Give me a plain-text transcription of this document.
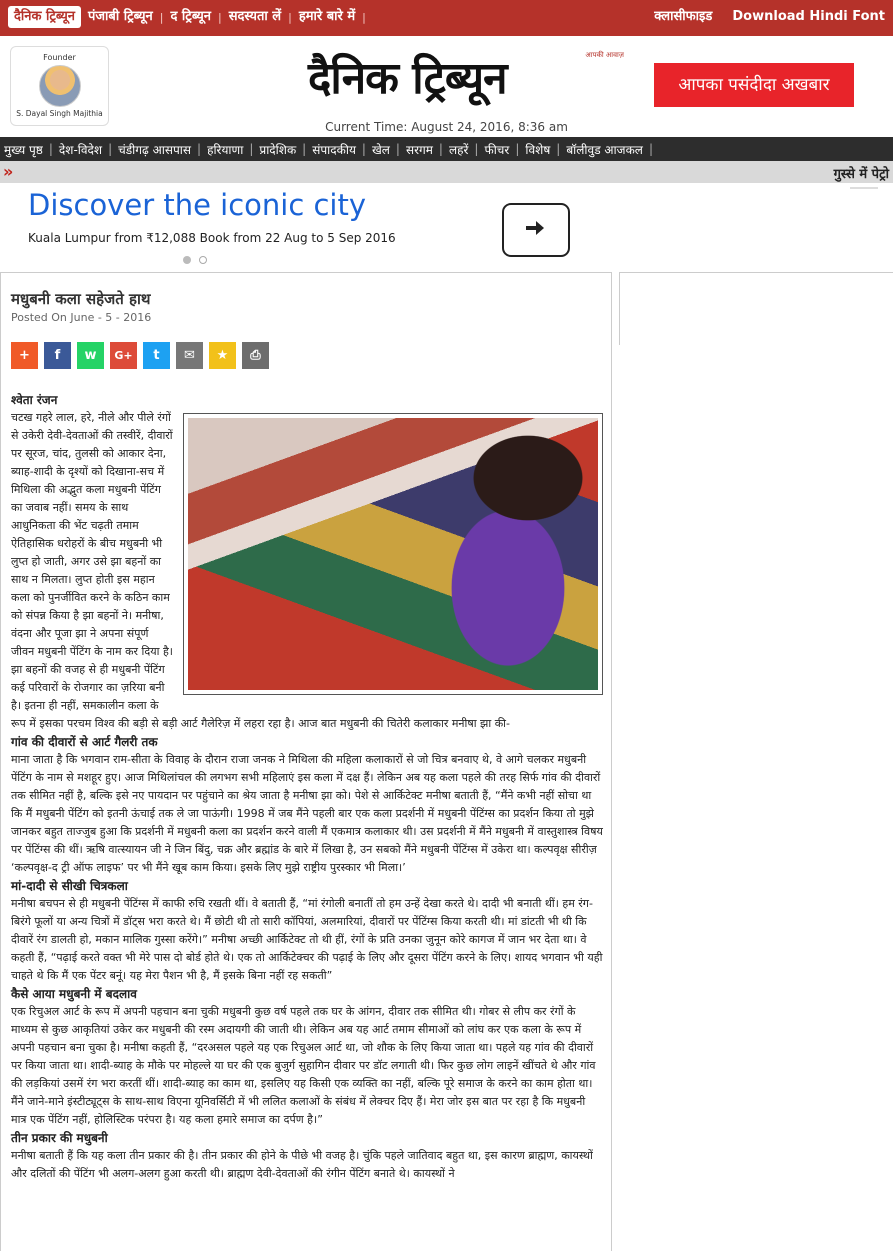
दैनिक ट्रिब्यून	पंजाबी ट्रिब्यून | द ट्रिब्यून | सदस्यता लें | हमारे बारे में |	क्लासीफाइड Download Hindi Font
Founder
S. Dayal Singh Majithia
दैनिक ट्रिब्यून	आपकी आवाज़
आपका पसंदीदा अखबार
Current Time: August 24, 2016, 8:36 am
मुख्य पृष्ठ | देश-विदेश | चंडीगढ़ आसपास | हरियाणा | प्रादेशिक | संपादकीय | खेल | सरगम | लहरें | फीचर | विशेष | बॉलीवुड आजकल |
»	गुस्से में पेट्रो
Discover the iconic city
Kuala Lumpur from ₹12,088 Book from 22 Aug to 5 Sep 2016
मधुबनी कला सहेजते हाथ
Posted On June - 5 - 2016
+	f	w	G+	t	✉	★	⎙
श्वेता रंजन

चटख गहरे लाल, हरे, नीले और पीले रंगों से उकेरी देवी-देवताओं की तस्वीरें, दीवारों पर सूरज, चांद, तुलसी को आकार देना, ब्याह-शादी के दृश्यों को दिखाना-सच में मिथिला की अद्भुत कला मधुबनी पेंटिंग का जवाब नहीं। समय के साथ आधुनिकता की भेंट चढ़ती तमाम ऐतिहासिक धरोहरों के बीच मधुबनी भी लुप्त हो जाती, अगर उसे झा बहनों का साथ न मिलता। लुप्त होती इस महान कला को पुनर्जीवित करने के कठिन काम को संपन्न किया है झा बहनों ने। मनीषा, वंदना और पूजा झा ने अपना संपूर्ण जीवन मधुबनी पेंटिंग के नाम कर दिया है। झा बहनों की वजह से ही मधुबनी पेंटिंग कई परिवारों के रोजगार का ज़रिया बनी है। इतना ही नहीं, समकालीन कला के रूप में इसका परचम विश्व की बड़ी से बड़ी आर्ट गैलेरिज़ में लहरा रहा है। आज बात मधुबनी की चितेरी कलाकार मनीषा झा की-

गांव की दीवारों से आर्ट गैलरी तक

माना जाता है कि भगवान राम-सीता के विवाह के दौरान राजा जनक ने मिथिला की महिला कलाकारों से जो चित्र बनवाए थे, वे आगे चलकर मधुबनी पेंटिंग के नाम से मशहूर हुए। आज मिथिलांचल की लगभग सभी महिलाएं इस कला में दक्ष हैं। लेकिन अब यह कला पहले की तरह सिर्फ गांव की दीवारों तक सीमित नहीं है, बल्कि इसे नए पायदान पर पहुंचाने का श्रेय जाता है मनीषा झा को। पेशे से आर्किटेक्ट मनीषा बताती हैं, “मैंने कभी नहीं सोचा था कि मैं मधुबनी पेंटिंग को इतनी ऊंचाई तक ले जा पाऊंगी। 1998 में जब मैंने पहली बार एक कला प्रदर्शनी में मधुबनी पेंटिंग्स का प्रदर्शन किया तो मुझे जानकर बहुत ताज्जुब हुआ कि प्रदर्शनी में मधुबनी कला का प्रदर्शन करने वाली मैं एकमात्र कलाकार थी। उस प्रदर्शनी में मैंने मधुबनी में वास्तुशास्त्र विषय पर पेंटिंग्स की थीं। ऋषि वात्स्यायन जी ने जिन बिंदु, चक्र और ब्रह्मांड के बारे में लिखा है, उन सबको मैंने मधुबनी पेंटिंग्स में उकेरा था। कल्पवृक्ष सीरीज़ ‘कल्पवृक्ष-द ट्री ऑफ लाइफ’ पर भी मैंने खूब काम किया। इसके लिए मुझे राष्ट्रीय पुरस्कार भी मिला।’

मां-दादी से सीखी चित्रकला

मनीषा बचपन से ही मधुबनी पेंटिंग्स में काफी रुचि रखती थीं। वे बताती हैं, “मां रंगोली बनातीं तो हम उन्हें देखा करते थे। दादी भी बनाती थीं। हम रंग-बिरंगे फूलों या अन्य चित्रों में डॉट्स भरा करते थे। मैं छोटी थी तो सारी कॉपियां, अलमारियां, दीवारों पर पेंटिंग्स किया करती थी। मां डांटती भी थी कि दीवारें रंग डालती हो, मकान मालिक गुस्सा करेंगे।” मनीषा अच्छी आर्किटेक्ट तो थी हीं, रंगों के प्रति उनका जुनून कोरे कागज में जान भर देता था। वे कहती हैं, “पढ़ाई करते वक्त भी मेरे पास दो बोर्ड होते थे। एक तो आर्किटेक्चर की पढ़ाई के लिए और दूसरा पेंटिंग करने के लिए। शायद भगवान भी यही चाहते थे कि मैं एक पेंटर बनूं। यह मेरा पैशन भी है, मैं इसके बिना नहीं रह सकती”

कैसे आया मधुबनी में बदलाव

एक रिचुअल आर्ट के रूप में अपनी पहचान बना चुकी मधुबनी कुछ वर्ष पहले तक घर के आंगन, दीवार तक सीमित थी। गोबर से लीप कर रंगों के माध्यम से कुछ आकृतियां उकेर कर मधुबनी की रस्म अदायगी की जाती थी। लेकिन अब यह आर्ट तमाम सीमाओं को लांघ कर एक कला के रूप में अपनी पहचान बना चुका है। मनीषा कहती हैं, “दरअसल पहले यह एक रिचुअल आर्ट था, जो शौक के लिए किया जाता था। पहले यह गांव की दीवारों पर किया जाता था। शादी-ब्याह के मौके पर मोहल्ले या घर की एक बुजुर्ग सुहागिन दीवार पर डॉट लगाती थी। फिर कुछ लोग लाइनें खींचते थे और गांव की लड़कियां उसमें रंग भरा करतीं थीं। शादी-ब्याह का काम था, इसलिए यह किसी एक व्यक्ति का नहीं, बल्कि पूरे समाज के करने का काम होता था। मैंने जाने-माने इंस्टीट्यूट्स के साथ-साथ विएना यूनिवर्सिटी में भी ललित कलाओं के संबंध में लेक्चर दिए हैं। मेरा जोर इस बात पर रहा है कि मधुबनी मात्र एक पेंटिंग नहीं, होलिस्टिक परंपरा है। यह कला हमारे समाज का दर्पण है।”

तीन प्रकार की मधुबनी

मनीषा बताती हैं कि यह कला तीन प्रकार की है। तीन प्रकार की होने के पीछे भी वजह है। चुंकि पहले जातिवाद बहुत था, इस कारण ब्राह्मण, कायस्थों और दलितों की पेंटिंग भी अलग-अलग हुआ करती थी। ब्राह्मण देवी-देवताओं की रंगीन पेंटिंग बनाते थे। कायस्थों ने
